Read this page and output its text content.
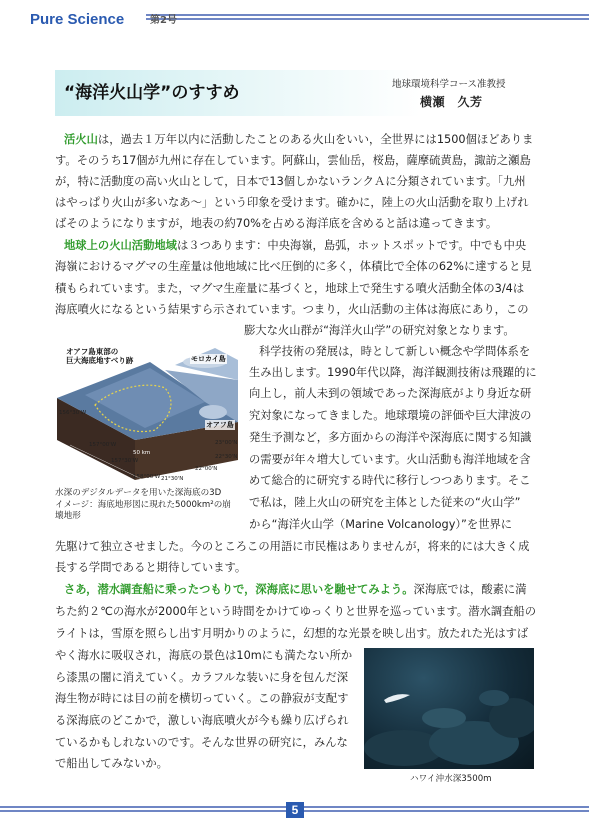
Pure Science	第2号
“海洋火山学”のすすめ	地球環境科学コース准教授
横瀬　久芳
活火山は，過去１万年以内に活動したことのある火山をいい，全世界には1500個ほどありま
す。そのうち17個が九州に存在しています。阿蘇山，雲仙岳，桜島，薩摩硫黄島，諏訪之瀬島
が，特に活動度の高い火山として，日本で13個しかないランクＡに分類されています。「九州
はやっぱり火山が多いなあ〜」という印象を受けます。確かに，陸上の火山活動を取り上げれ
ばそのようになりますが，地表の約70%を占める海洋底を含めると話は違ってきます。
地球上の火山活動地域は３つあります：中央海嶺，島弧，ホットスポットです。中でも中央
海嶺におけるマグマの生産量は他地域に比べ圧倒的に多く，体積比で全体の62%に達すると見
積もられています。また，マグマ生産量に基づくと，地球上で発生する噴火活動全体の3/4は
海底噴火になるという結果すら示されています。つまり，火山活動の主体は海底にあり，この
膨大な火山群が“海洋火山学”の研究対象となります。
オアフ島東部の
巨大海底地すべり跡	モロカイ島
オアフ島
50 km
156°30'W
157°00'W
157°30'W
158°00'W 21°30'N
22°00'N
22°30'N
23°00'N
水深のデジタルデータを用いた深海底の3D
イメージ：海底地形図に現れた5000km²の崩
壊地形
科学技術の発展は，時として新しい概念や学問体系を
生み出します。1990年代以降，海洋観測技術は飛躍的に
向上し，前人未到の領域であった深海底がより身近な研
究対象になってきました。地球環境の評価や巨大津波の
発生予測など，多方面からの海洋や深海底に関する知識
の需要が年々増大しています。火山活動も海洋地域を含
めて総合的に研究する時代に移行しつつあります。そこ
で私は，陸上火山の研究を主体とした従来の“火山学”
から“海洋火山学（Marine Volcanology）”を世界に
先駆けて独立させました。今のところこの用語に市民権はありませんが，将来的には大きく成
長する学問であると期待しています。
さあ，潜水調査船に乗ったつもりで，深海底に思いを馳せてみよう。深海底では，酸素に満
ちた約２℃の海水が2000年という時間をかけてゆっくりと世界を巡っています。潜水調査船の
ライトは，雪原を照らし出す月明かりのように，幻想的な光景を映し出す。放たれた光はすば
やく海水に吸収され，海底の景色は10mにも満たない所か
ら漆黒の闇に消えていく。カラフルな装いに身を包んだ深
海生物が時には目の前を横切っていく。この静寂が支配す
る深海底のどこかで，激しい海底噴火が今も繰り広げられ
ているかもしれないのです。そんな世界の研究に，みんな
で船出してみないか。
ハワイ沖水深3500m
5
